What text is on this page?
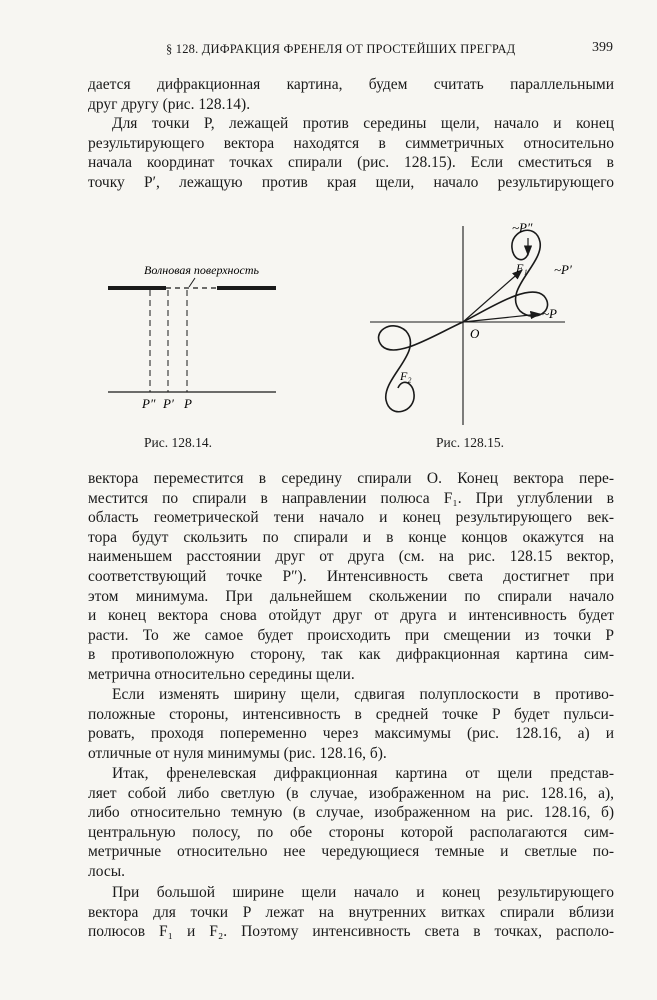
§ 128. ДИФРАКЦИЯ ФРЕНЕЛЯ ОТ ПРОСТЕЙШИХ ПРЕГРАД	399

дается дифракционная картина, будем считать параллельными
друг другу (рис. 128.14).

Для точки P, лежащей против середины щели, начало и конец
результирующего вектора находятся в симметричных относительно
начала координат точках спирали (рис. 128.15). Если сместиться в
точку P′, лежащую против края щели, начало результирующего

Волновая поверхность
P″ P′ P
Рис. 128.14.
~P″
~P′
~P
O
F₁
F₂
Рис. 128.15.

вектора переместится в середину спирали O. Конец вектора пере-
местится по спирали в направлении полюса F₁. При углублении в
область геометрической тени начало и конец результирующего век-
тора будут скользить по спирали и в конце концов окажутся на
наименьшем расстоянии друг от друга (см. на рис. 128.15 вектор,
соответствующий точке P″). Интенсивность света достигнет при
этом минимума. При дальнейшем скольжении по спирали начало
и конец вектора снова отойдут друг от друга и интенсивность будет
расти. То же самое будет происходить при смещении из точки P
в противоположную сторону, так как дифракционная картина сим-
метрична относительно середины щели.

Если изменять ширину щели, сдвигая полуплоскости в противо-
положные стороны, интенсивность в средней точке P будет пульси-
ровать, проходя попеременно через максимумы (рис. 128.16, а) и
отличные от нуля минимумы (рис. 128.16, б).

Итак, френелевская дифракционная картина от щели представ-
ляет собой либо светлую (в случае, изображенном на рис. 128.16, а),
либо относительно темную (в случае, изображенном на рис. 128.16, б)
центральную полосу, по обе стороны которой располагаются сим-
метричные относительно нее чередующиеся темные и светлые по-
лосы.

При большой ширине щели начало и конец результирующего
вектора для точки P лежат на внутренних витках спирали вблизи
полюсов F₁ и F₂. Поэтому интенсивность света в точках, располо-
